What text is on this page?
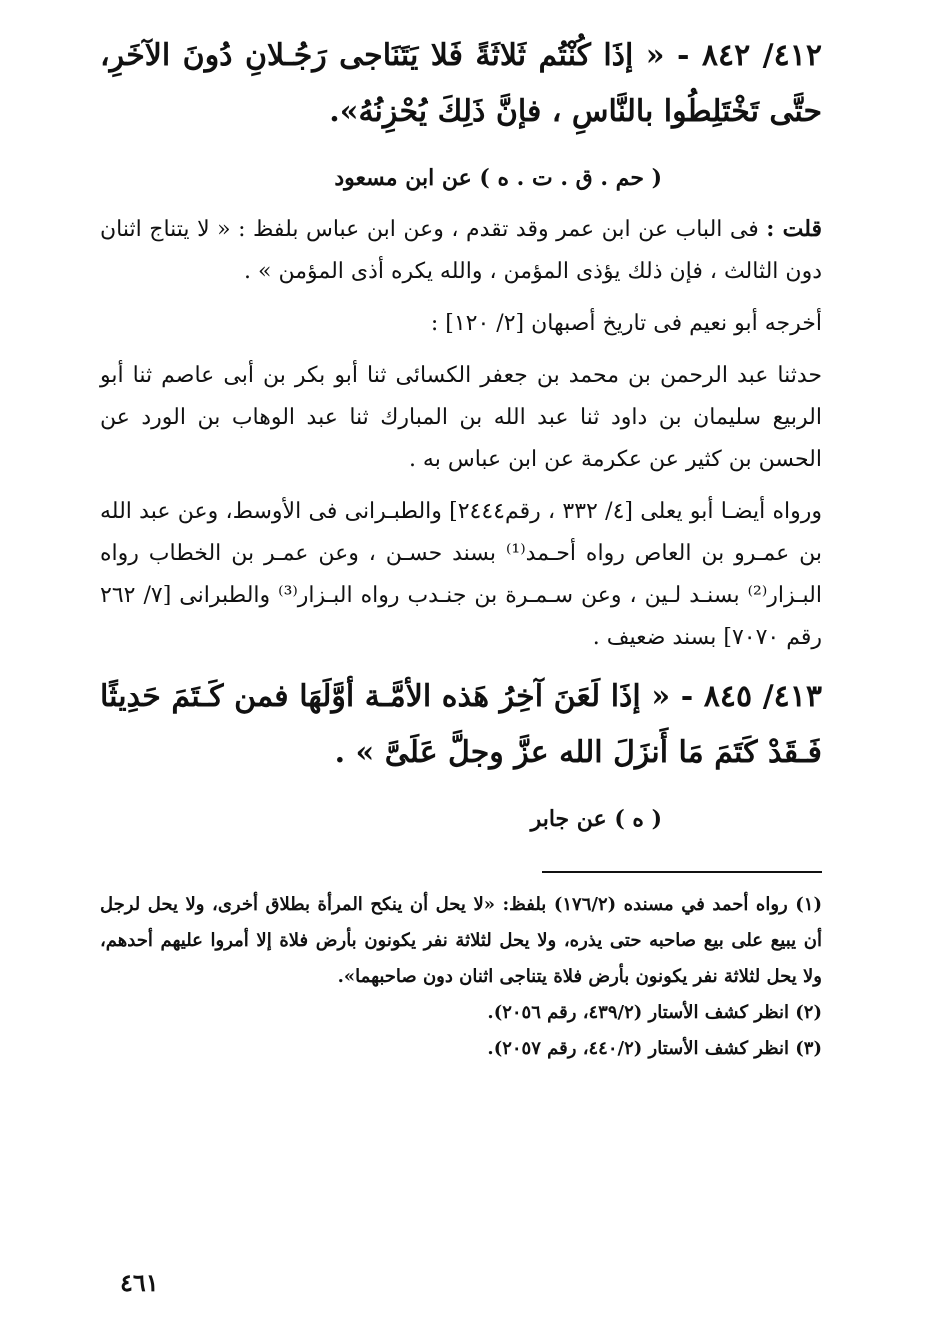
٤١٢/ ٨٤٢ - « إذَا كُنْتُم ثَلاثَةً فَلا يَتَنَاجى رَجُـلانِ دُونَ الآخَرِ، حتَّى تَخْتَلِطُوا بالنَّاسِ ، فإنَّ ذَلِكَ يُحْزِنُهُ».

( حم . ق . ت . ه ) عن ابن مسعود

قلت : فى الباب عن ابن عمر وقد تقدم ، وعن ابن عباس بلفظ : « لا يتناج اثنان دون الثالث ، فإن ذلك يؤذى المؤمن ، والله يكره أذى المؤمن » .

أخرجه أبو نعيم فى تاريخ أصبهان [٢/ ١٢٠] :

حدثنا عبد الرحمن بن محمد بن جعفر الكسائى ثنا أبو بكر بن أبى عاصم ثنا أبو الربيع سليمان بن داود ثنا عبد الله بن المبارك ثنا عبد الوهاب بن الورد عن الحسن بن كثير عن عكرمة عن ابن عباس به .

ورواه أيضـا أبو يعلى [٤/ ٣٣٢ ، رقم٢٤٤٤] والطبـرانى فى الأوسط، وعن عبد الله بن عمـرو بن العاص رواه أحـمد⁽¹⁾ بسند حسـن ، وعن عمـر بن الخطاب رواه البـزار⁽²⁾ بسنـد لـين ، وعن سـمـرة بن جنـدب رواه البـزار⁽³⁾ والطبرانى [٧/ ٢٦٢ رقم ٧٠٧٠] بسند ضعيف .

٤١٣/ ٨٤٥ - « إذَا لَعَنَ آخِرُ هَذه الأمَّـة أوَّلَهَا فمن كَـتَمَ حَدِيثًا فَـقَدْ كَتَمَ مَا أَنزَلَ الله عزَّ وجلَّ عَلَىَّ » .

( ه ) عن جابر

(١) رواه أحمد في مسنده (١٧٦/٢) بلفظ: «لا يحل أن ينكح المرأة بطلاق أخرى، ولا يحل لرجل أن يبيع على بيع صاحبه حتى يذره، ولا يحل لثلاثة نفر يكونون بأرض فلاة إلا أمروا عليهم أحدهم، ولا يحل لثلاثة نفر يكونون بأرض فلاة يتناجى اثنان دون صاحبهما».

(٢) انظر كشف الأستار (٤٣٩/٢، رقم ٢٠٥٦).

(٣) انظر كشف الأستار (٤٤٠/٢، رقم ٢٠٥٧).

٤٦١
